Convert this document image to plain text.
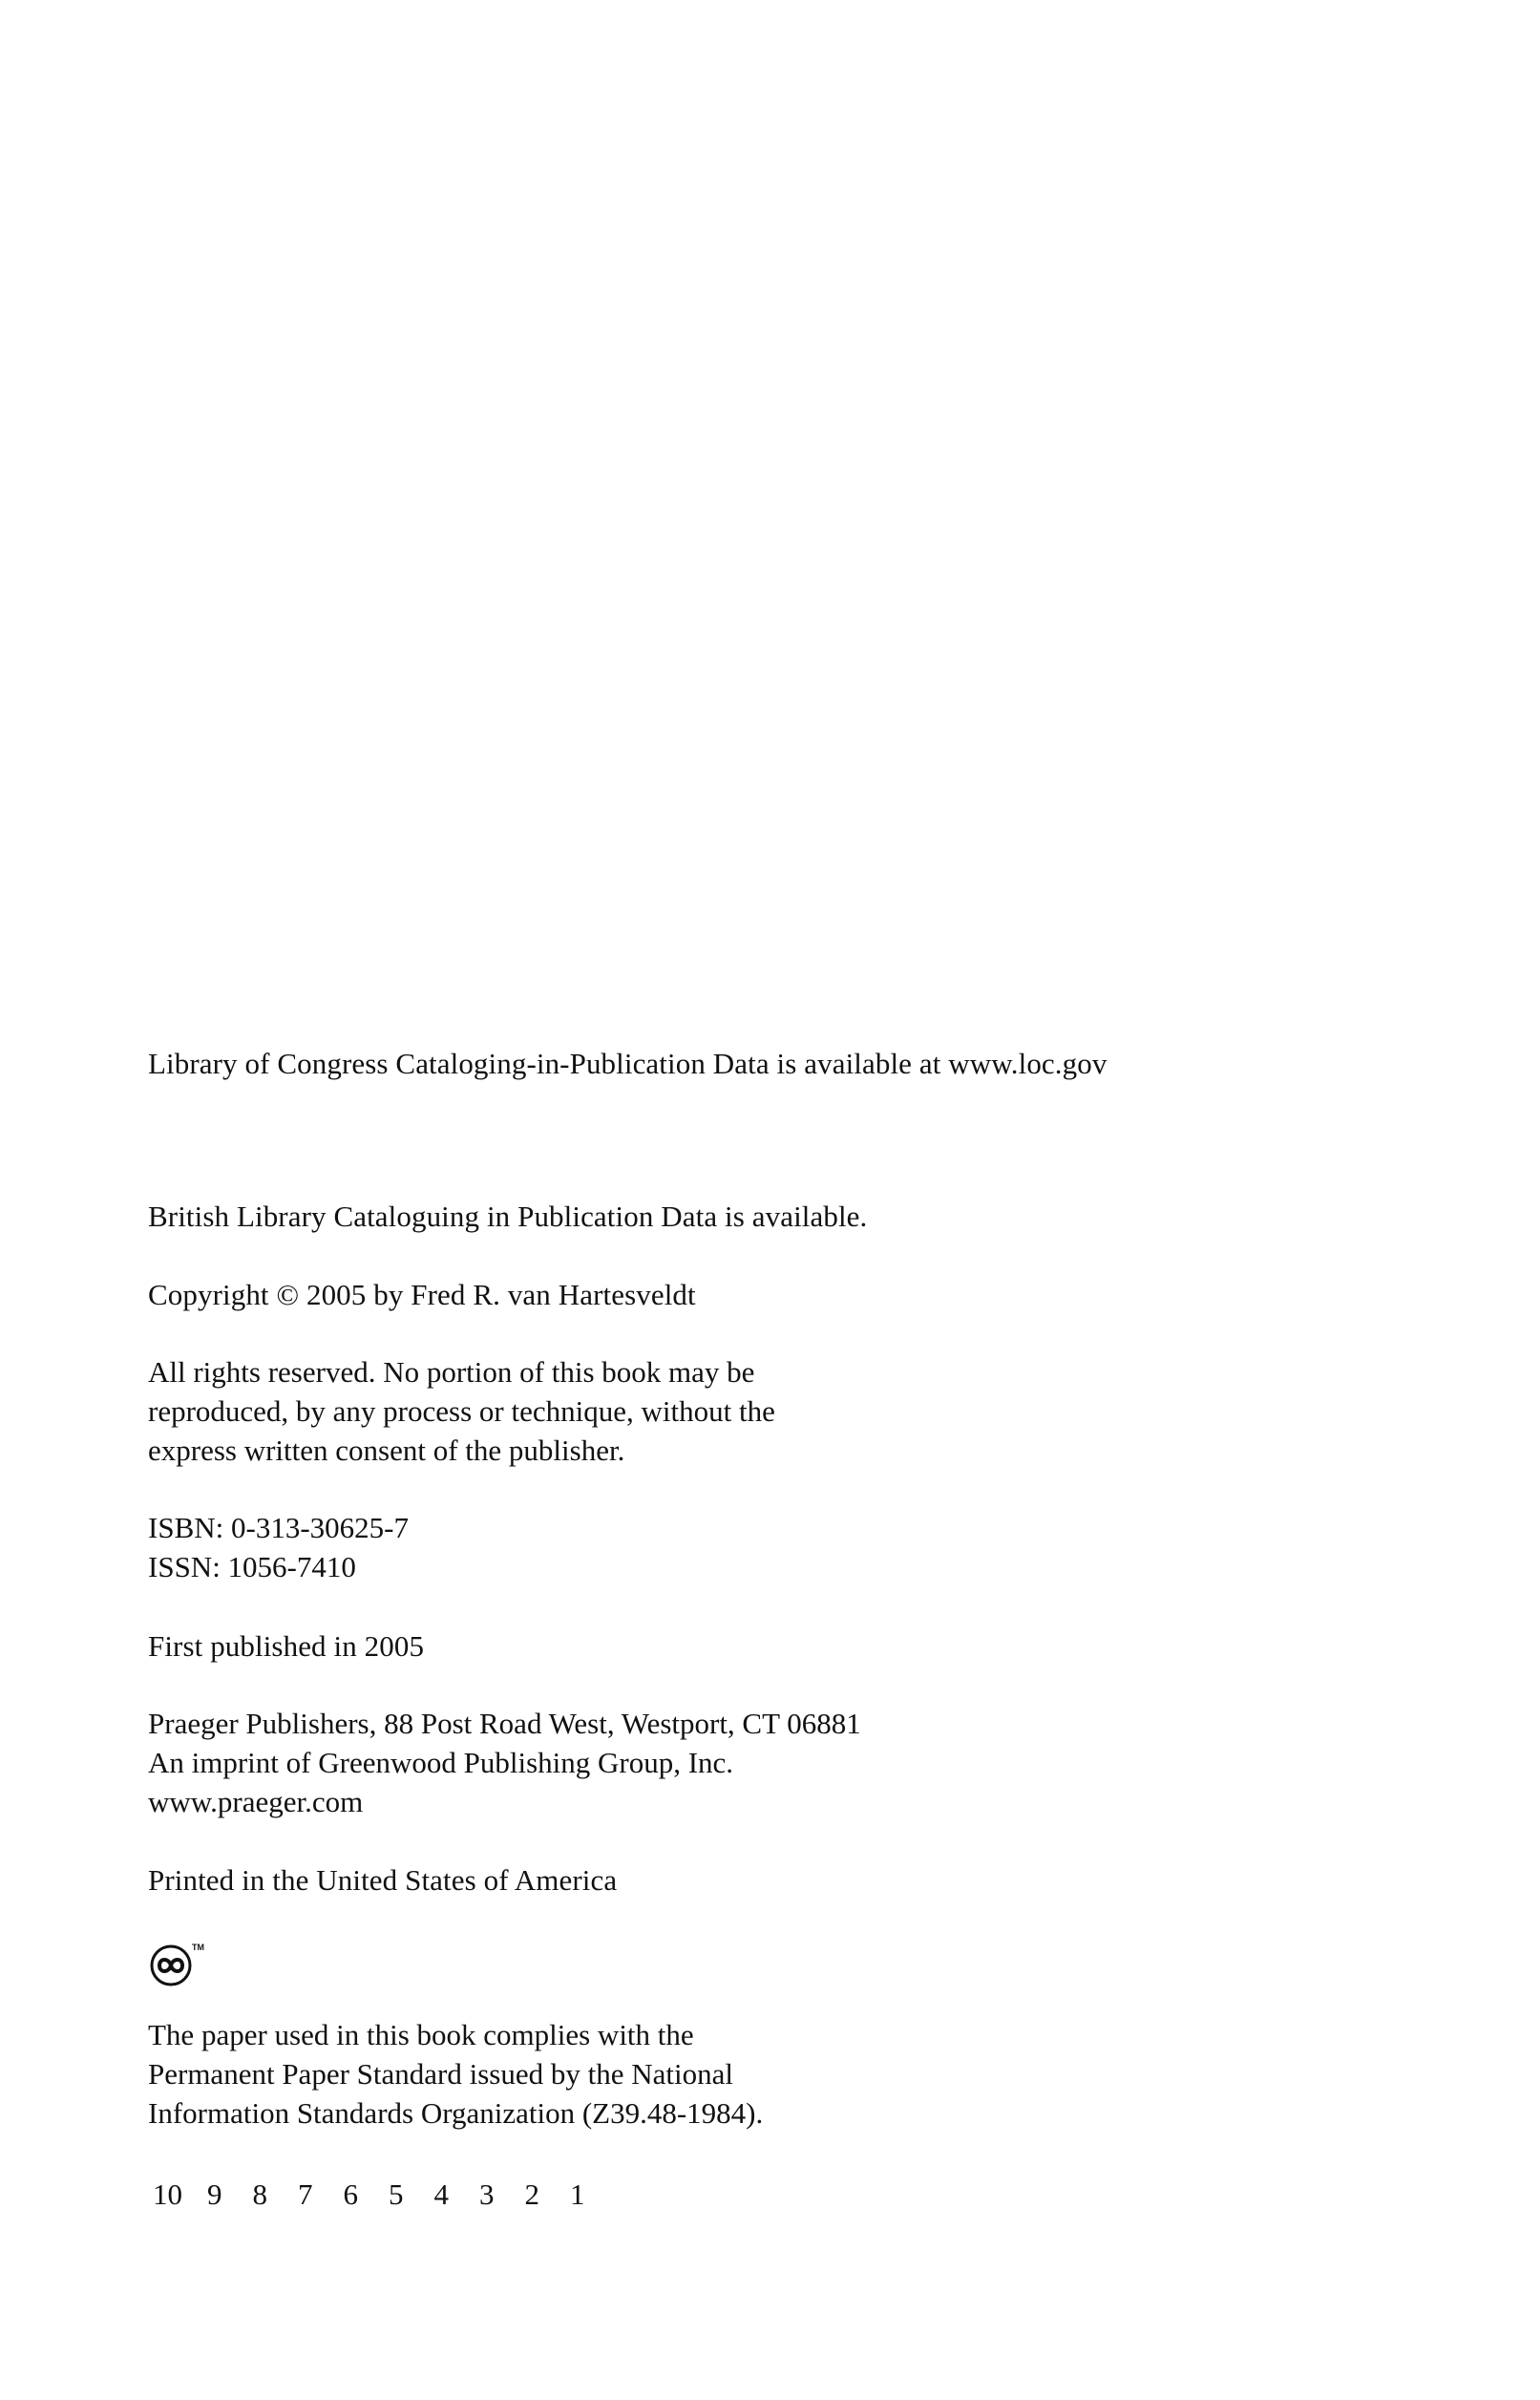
Library of Congress Cataloging-in-Publication Data is available at www.loc.gov
British Library Cataloguing in Publication Data is available.
Copyright © 2005 by Fred R. van Hartesveldt
All rights reserved. No portion of this book may be
reproduced, by any process or technique, without the
express written consent of the publisher.
ISBN: 0-313-30625-7
ISSN: 1056-7410
First published in 2005
Praeger Publishers, 88 Post Road West, Westport, CT 06881
An imprint of Greenwood Publishing Group, Inc.
www.praeger.com
Printed in the United States of America
TM
The paper used in this book complies with the
Permanent Paper Standard issued by the National
Information Standards Organization (Z39.48-1984).
10 9	8	7	6	5	4	3	2	1
